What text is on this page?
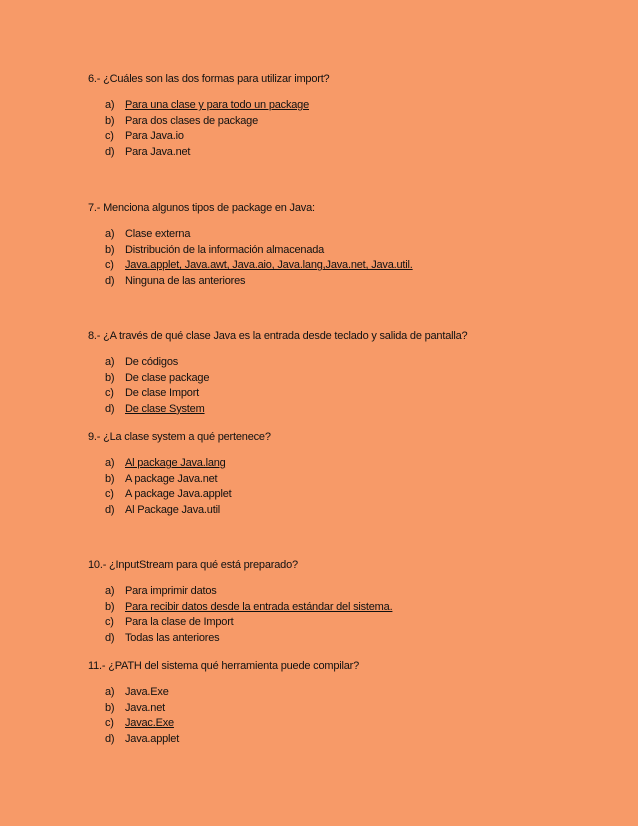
6.- ¿Cuáles son las dos formas para utilizar import?
a) Para una clase y para todo un package
b) Para dos clases de package
c) Para Java.io
d) Para Java.net
7.- Menciona algunos tipos de package en Java:
a) Clase externa
b) Distribución de la información almacenada
c) Java.applet, Java.awt, Java.aio, Java.lang,Java.net, Java.util.
d) Ninguna de las anteriores
8.- ¿A través de qué clase Java es la entrada desde teclado y salida de pantalla?
a) De códigos
b) De clase package
c) De clase Import
d) De clase System
9.- ¿La clase system a qué pertenece?
a) Al package Java.lang
b) A package Java.net
c) A package Java.applet
d) Al Package Java.util
10.- ¿InputStream para qué está preparado?
a) Para imprimir datos
b) Para recibir datos desde la entrada estándar del sistema.
c) Para la clase de Import
d) Todas las anteriores
11.- ¿PATH del sistema qué herramienta puede compilar?
a) Java.Exe
b) Java.net
c) Javac.Exe
d) Java.applet
